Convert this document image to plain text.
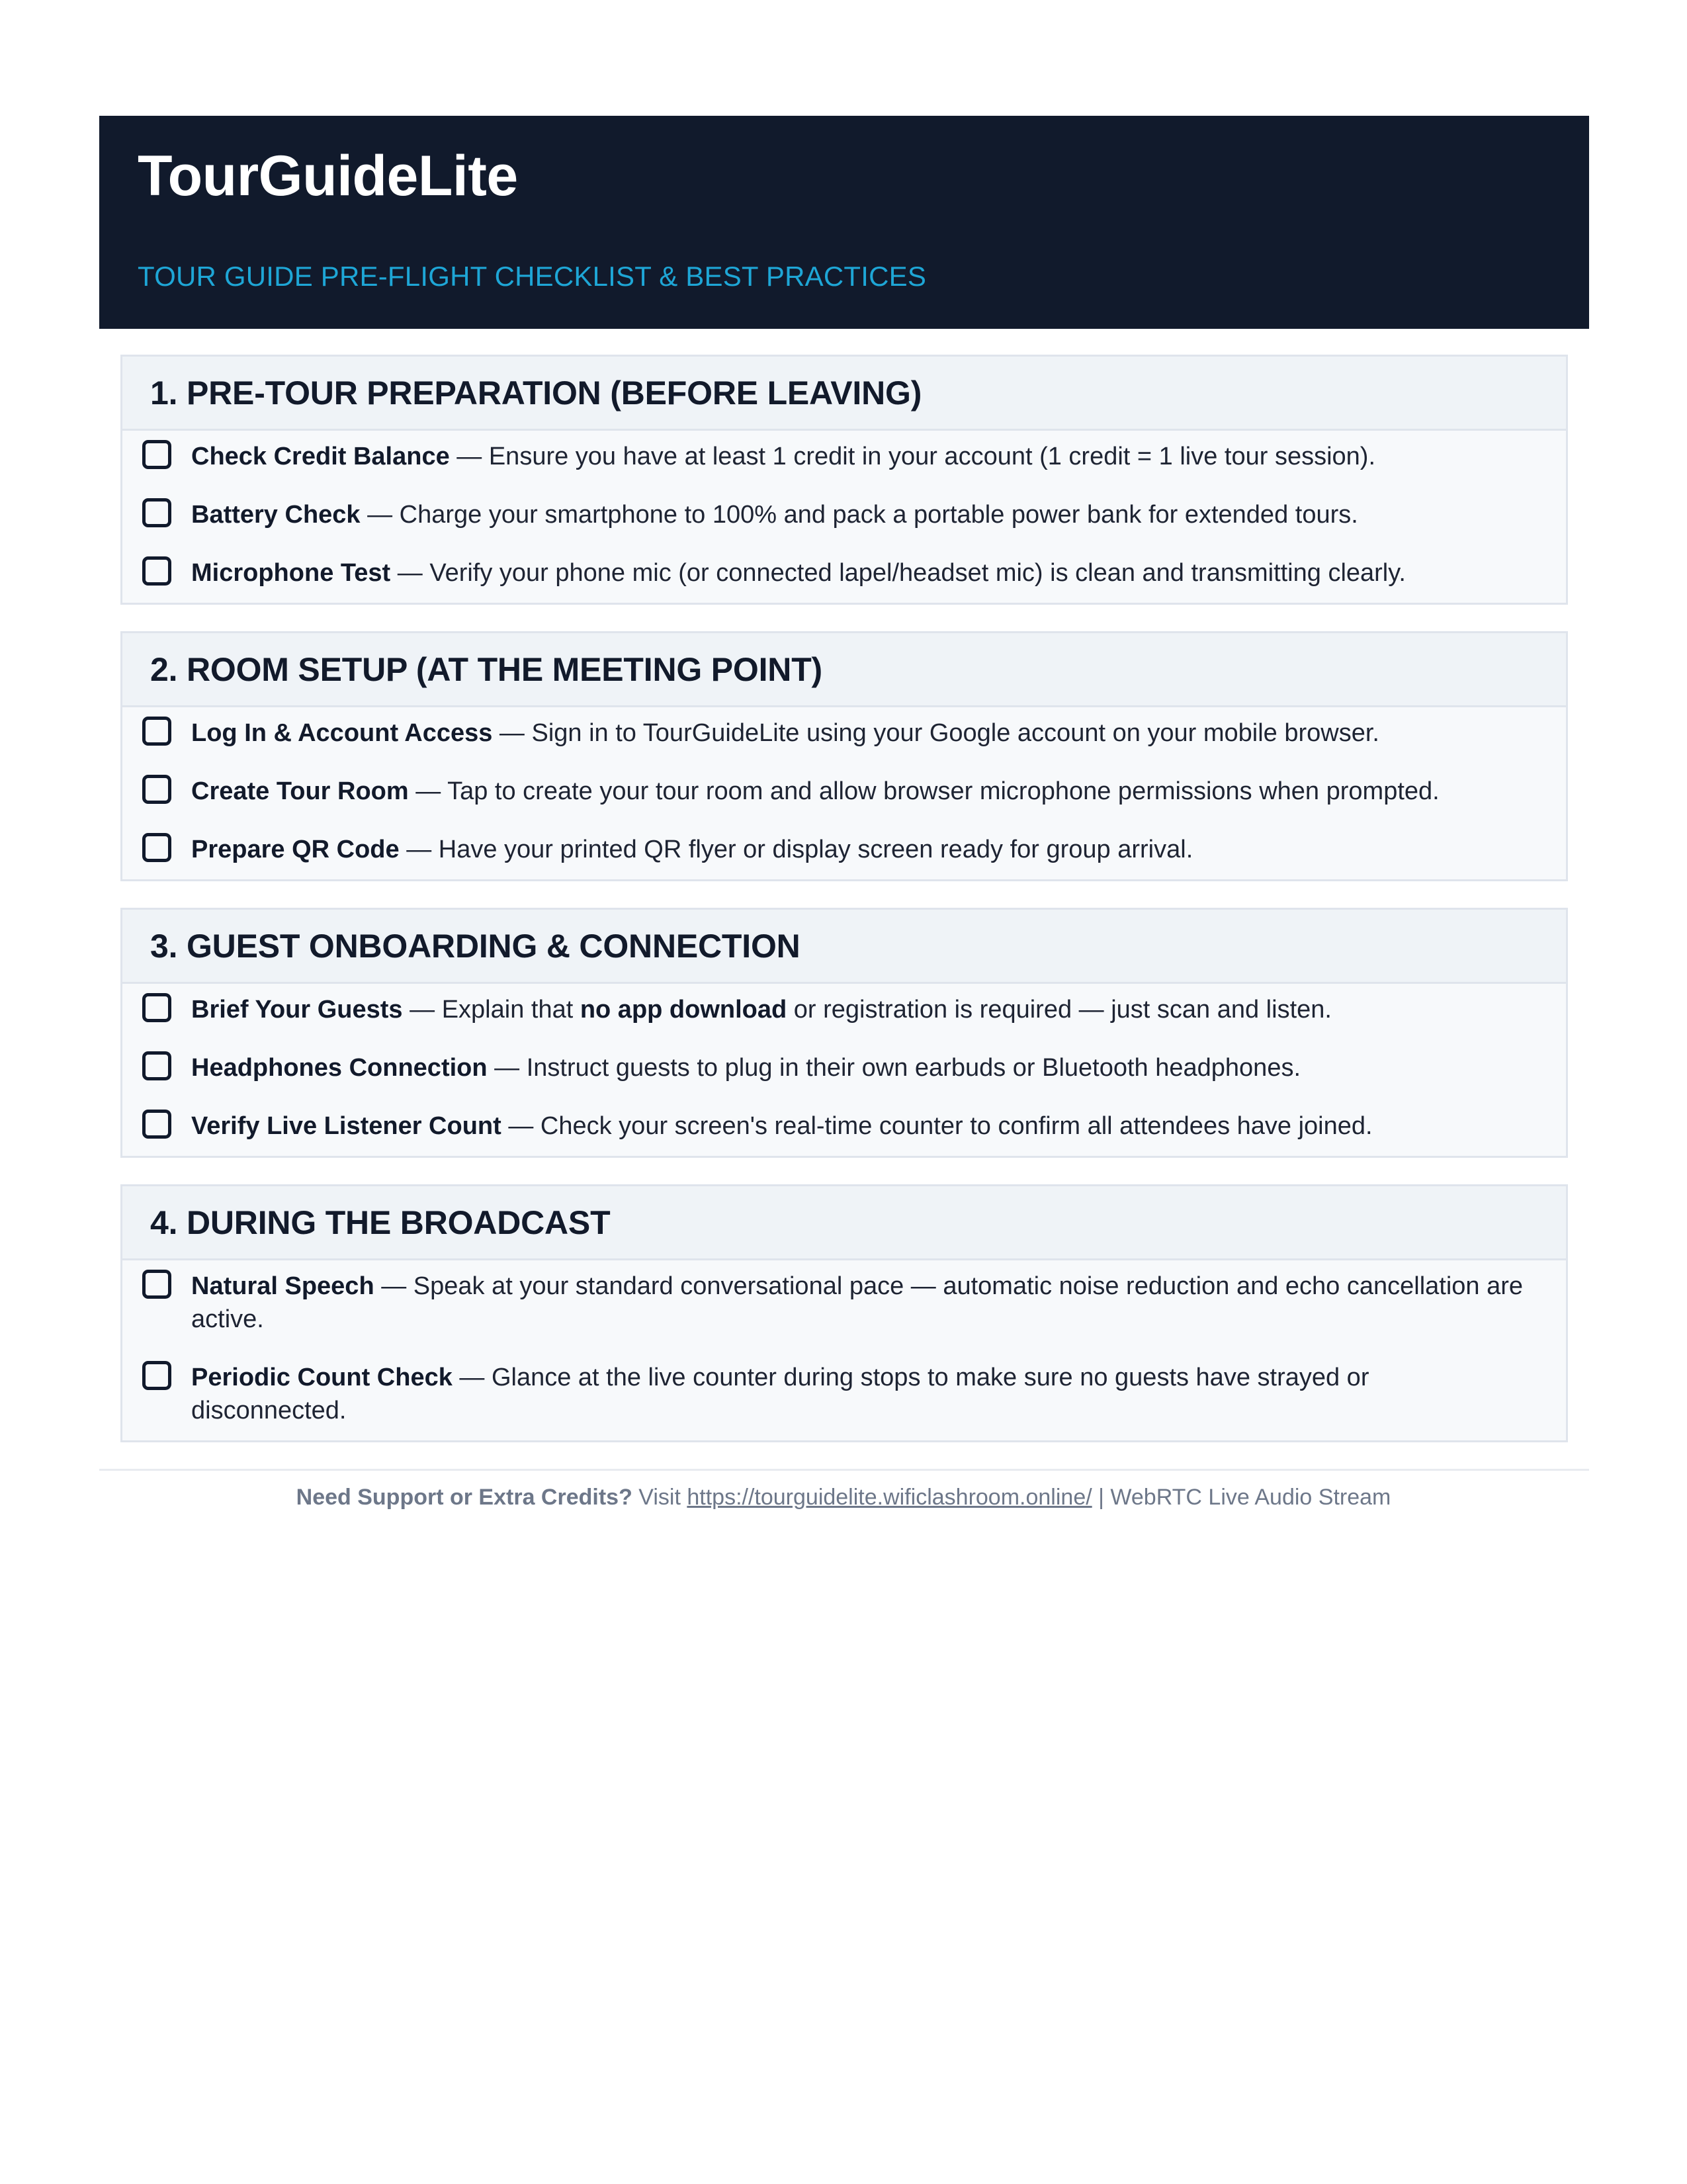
TourGuideLite
TOUR GUIDE PRE-FLIGHT CHECKLIST & BEST PRACTICES
1. PRE-TOUR PREPARATION (BEFORE LEAVING)
Check Credit Balance — Ensure you have at least 1 credit in your account (1 credit = 1 live tour session).
Battery Check — Charge your smartphone to 100% and pack a portable power bank for extended tours.
Microphone Test — Verify your phone mic (or connected lapel/headset mic) is clean and transmitting clearly.
2. ROOM SETUP (AT THE MEETING POINT)
Log In & Account Access — Sign in to TourGuideLite using your Google account on your mobile browser.
Create Tour Room — Tap to create your tour room and allow browser microphone permissions when prompted.
Prepare QR Code — Have your printed QR flyer or display screen ready for group arrival.
3. GUEST ONBOARDING & CONNECTION
Brief Your Guests — Explain that no app download or registration is required — just scan and listen.
Headphones Connection — Instruct guests to plug in their own earbuds or Bluetooth headphones.
Verify Live Listener Count — Check your screen's real-time counter to confirm all attendees have joined.
4. DURING THE BROADCAST
Natural Speech — Speak at your standard conversational pace — automatic noise reduction and echo cancellation are active.
Periodic Count Check — Glance at the live counter during stops to make sure no guests have strayed or disconnected.
Need Support or Extra Credits? Visit https://tourguidelite.wificlashroom.online/ | WebRTC Live Audio Stream
